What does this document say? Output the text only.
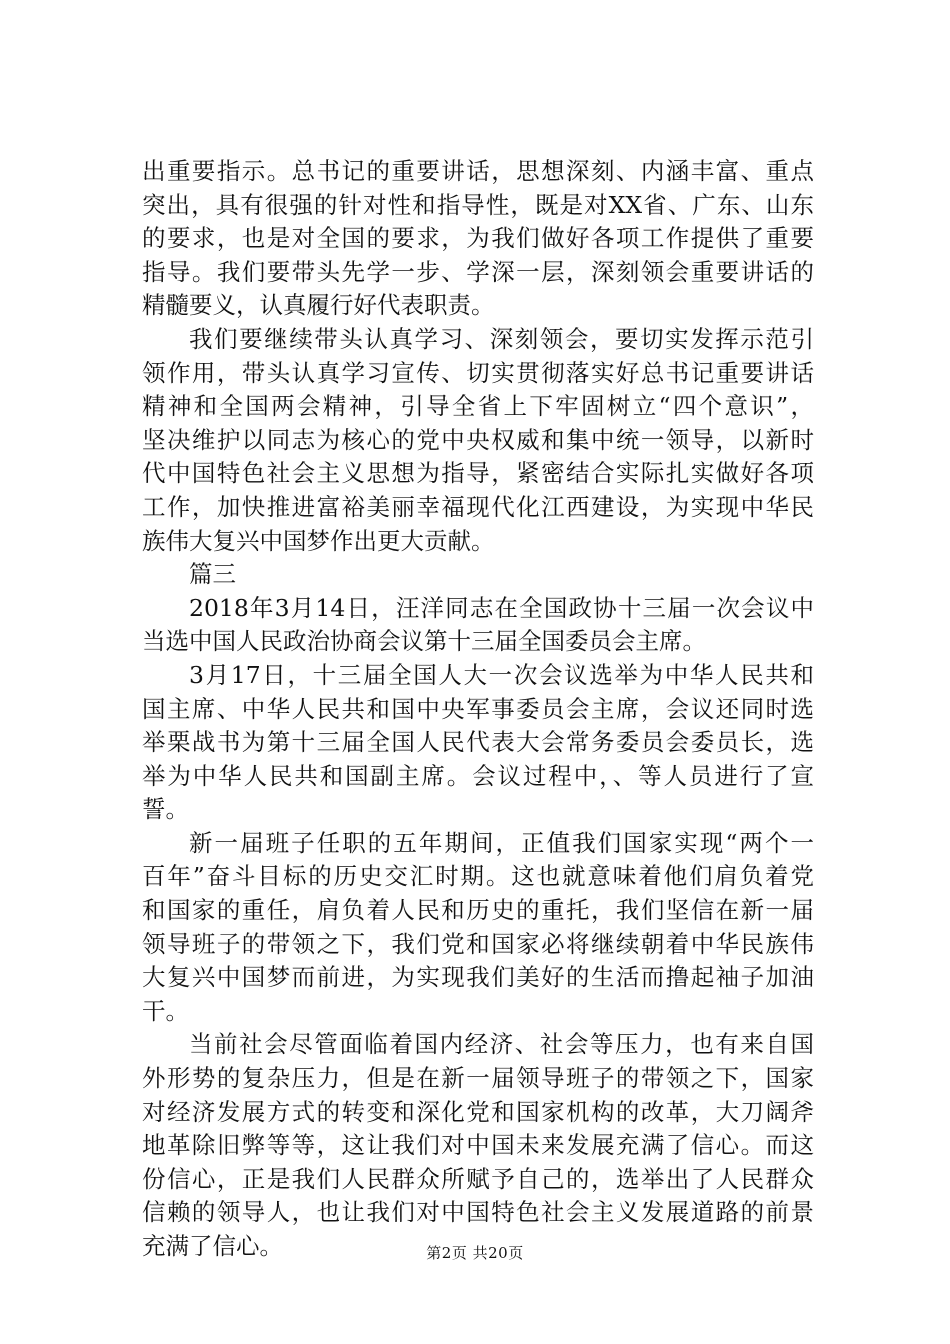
出重要指示。总书记的重要讲话，思想深刻、内涵丰富、重点
突出，具有很强的针对性和指导性，既是对XX省、广东、山东
的要求，也是对全国的要求，为我们做好各项工作提供了重要
指导。我们要带头先学一步、学深一层，深刻领会重要讲话的
精髓要义，认真履行好代表职责。
我们要继续带头认真学习、深刻领会，要切实发挥示范引
领作用，带头认真学习宣传、切实贯彻落实好总书记重要讲话
精神和全国两会精神，引导全省上下牢固树立“四个意识”，
坚决维护以同志为核心的党中央权威和集中统一领导，以新时
代中国特色社会主义思想为指导，紧密结合实际扎实做好各项
工作，加快推进富裕美丽幸福现代化江西建设，为实现中华民
族伟大复兴中国梦作出更大贡献。
篇三
2018年3月14日，汪洋同志在全国政协十三届一次会议中
当选中国人民政治协商会议第十三届全国委员会主席。
3月17日，十三届全国人大一次会议选举为中华人民共和
国主席、中华人民共和国中央军事委员会主席，会议还同时选
举栗战书为第十三届全国人民代表大会常务委员会委员长，选
举为中华人民共和国副主席。会议过程中，、等人员进行了宣
誓。
新一届班子任职的五年期间，正值我们国家实现“两个一
百年”奋斗目标的历史交汇时期。这也就意味着他们肩负着党
和国家的重任，肩负着人民和历史的重托，我们坚信在新一届
领导班子的带领之下，我们党和国家必将继续朝着中华民族伟
大复兴中国梦而前进，为实现我们美好的生活而撸起袖子加油
干。
当前社会尽管面临着国内经济、社会等压力，也有来自国
外形势的复杂压力，但是在新一届领导班子的带领之下，国家
对经济发展方式的转变和深化党和国家机构的改革，大刀阔斧
地革除旧弊等等，这让我们对中国未来发展充满了信心。而这
份信心，正是我们人民群众所赋予自己的，选举出了人民群众
信赖的领导人，也让我们对中国特色社会主义发展道路的前景
充满了信心。	第2页 共20页
